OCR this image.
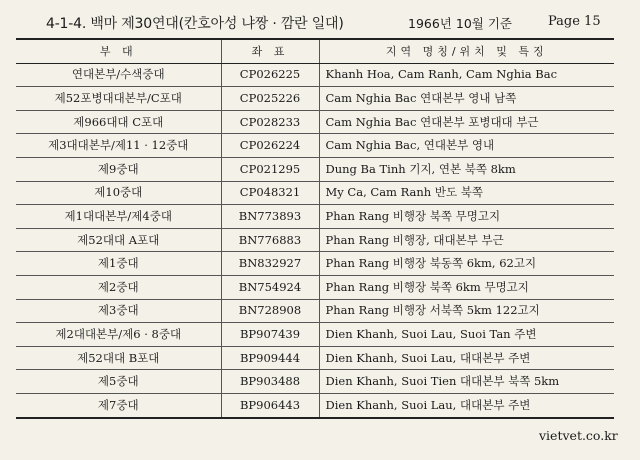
4-1-4. 백마 제30연대(칸호아성 냐짱 · 깜란 일대)	1966년 10월 기준	Page 15
부 대	좌 표	지역 명칭/위치 및 특징
연대본부/수색중대	CP026225	Khanh Hoa, Cam Ranh, Cam Nghia Bac
제52포병대대본부/C포대	CP025226	Cam Nghia Bac 연대본부 영내 남쪽
제966대대 C포대	CP028233	Cam Nghia Bac 연대본부 포병대대 부근
제3대대본부/제11 · 12중대	CP026224	Cam Nghia Bac, 연대본부 영내
제9중대	CP021295	Dung Ba Tinh 기지, 연본 북쪽 8km
제10중대	CP048321	My Ca, Cam Ranh 반도 북쪽
제1대대본부/제4중대	BN773893	Phan Rang 비행장 북쪽 무명고지
제52대대 A포대	BN776883	Phan Rang 비행장, 대대본부 부근
제1중대	BN832927	Phan Rang 비행장 북동쪽 6km, 62고지
제2중대	BN754924	Phan Rang 비행장 북쪽 6km 무명고지
제3중대	BN728908	Phan Rang 비행장 서북쪽 5km 122고지
제2대대본부/제6 · 8중대	BP907439	Dien Khanh, Suoi Lau, Suoi Tan 주변
제52대대 B포대	BP909444	Dien Khanh, Suoi Lau, 대대본부 주변
제5중대	BP903488	Dien Khanh, Suoi Tien 대대본부 북쪽 5km
제7중대	BP906443	Dien Khanh, Suoi Lau, 대대본부 주변
vietvet.co.kr
